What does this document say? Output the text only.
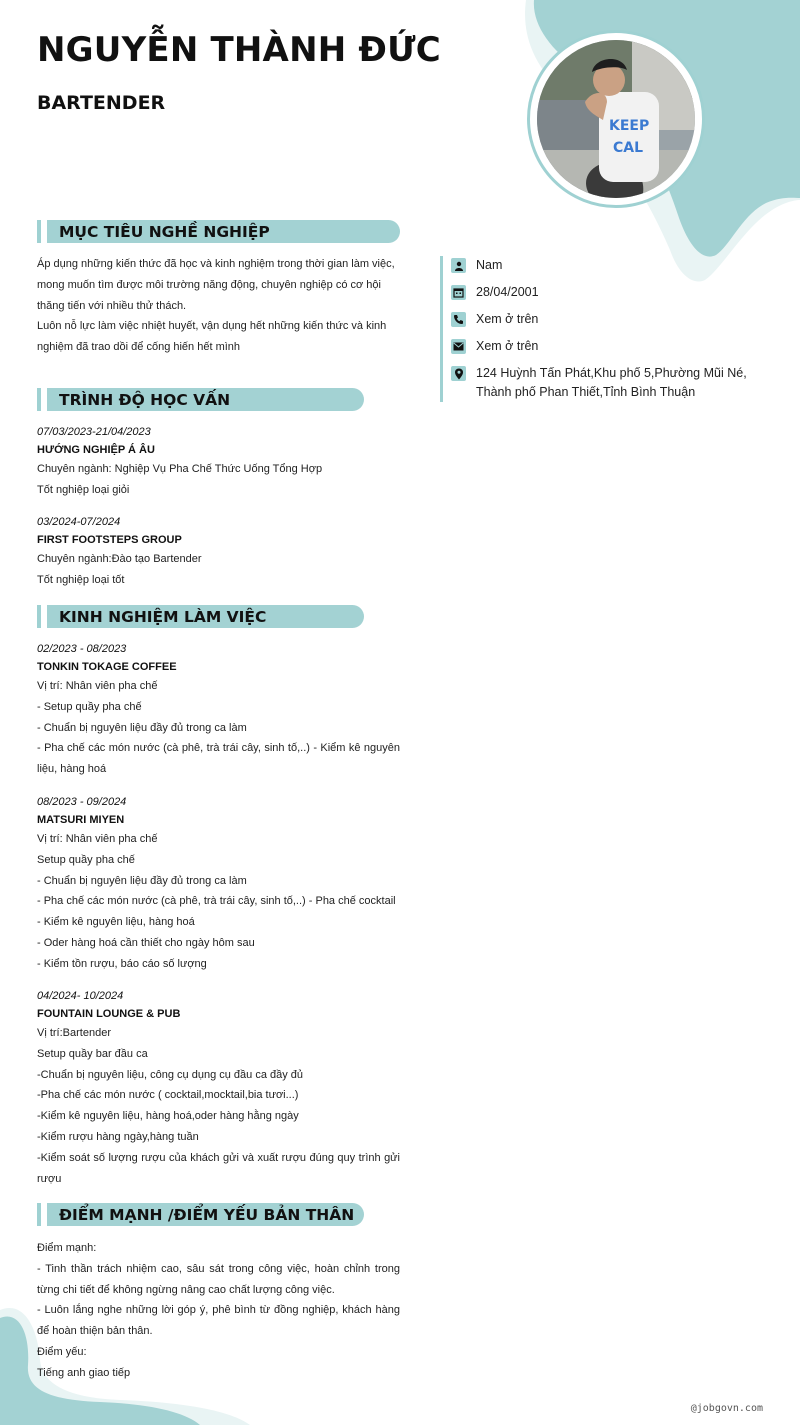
NGUYỄN THÀNH ĐỨC
BARTENDER
KEEP
CAL
Nam
28/04/2001
Xem ở trên
Xem ở trên
124 Huỳnh Tấn Phát,Khu phố 5,Phường Mũi Né, Thành phố Phan Thiết,Tỉnh Bình Thuận
MỤC TIÊU NGHỀ NGHIỆP

Áp dụng những kiến thức đã học và kinh nghiệm trong thời gian làm việc, mong muốn tìm được môi trường năng động, chuyên nghiệp có cơ hội thăng tiến với nhiều thử thách.

Luôn nỗ lực làm việc nhiệt huyết, vận dụng hết những kiến thức và kinh nghiệm đã trao dồi để cống hiến hết mình

TRÌNH ĐỘ HỌC VẤN
07/03/2023-21/04/2023
HƯỚNG NGHIỆP Á ÂU

Chuyên ngành: Nghiệp Vụ Pha Chế Thức Uống Tổng Hợp

Tốt nghiệp loại giỏi

03/2024-07/2024
FIRST FOOTSTEPS GROUP

Chuyên ngành:Đào tạo Bartender

Tốt nghiệp loại tốt

KINH NGHIỆM LÀM VIỆC
02/2023 - 08/2023
TONKIN TOKAGE COFFEE

Vị trí: Nhân viên pha chế

- Setup quầy pha chế

- Chuẩn bị nguyên liệu đầy đủ trong ca làm

- Pha chế các món nước (cà phê, trà trái cây, sinh tố,..) - Kiểm kê nguyên liệu, hàng hoá

08/2023 - 09/2024
MATSURI MIYEN

Vị trí: Nhân viên pha chế

Setup quầy pha chế

- Chuẩn bị nguyên liệu đầy đủ trong ca làm

- Pha chế các món nước (cà phê, trà trái cây, sinh tố,..) - Pha chế cocktail

- Kiểm kê nguyên liệu, hàng hoá

- Oder hàng hoá cần thiết cho ngày hôm sau

- Kiểm tồn rượu, báo cáo số lượng

04/2024- 10/2024
FOUNTAIN LOUNGE & PUB

Vị trí:Bartender

Setup quầy bar đầu ca

-Chuẩn bị nguyên liệu, công cụ dụng cụ đầu ca đầy đủ

-Pha chế các món nước ( cocktail,mocktail,bia tươi...)

-Kiểm kê nguyên liệu, hàng hoá,oder hàng hằng ngày

-Kiểm rượu hàng ngày,hàng tuần

-Kiểm soát số lượng rượu của khách gửi và xuất rượu đúng quy trình gửi rượu

ĐIỂM MẠNH /ĐIỂM YẾU BẢN THÂN

Điểm mạnh:

- Tinh thần trách nhiệm cao, sâu sát trong công việc, hoàn chỉnh trong từng chi tiết để không ngừng nâng cao chất lượng công việc.

- Luôn lắng nghe những lời góp ý, phê bình từ đồng nghiệp, khách hàng để hoàn thiện bản thân.

Điểm yếu:

Tiếng anh giao tiếp

@jobgovn.com
